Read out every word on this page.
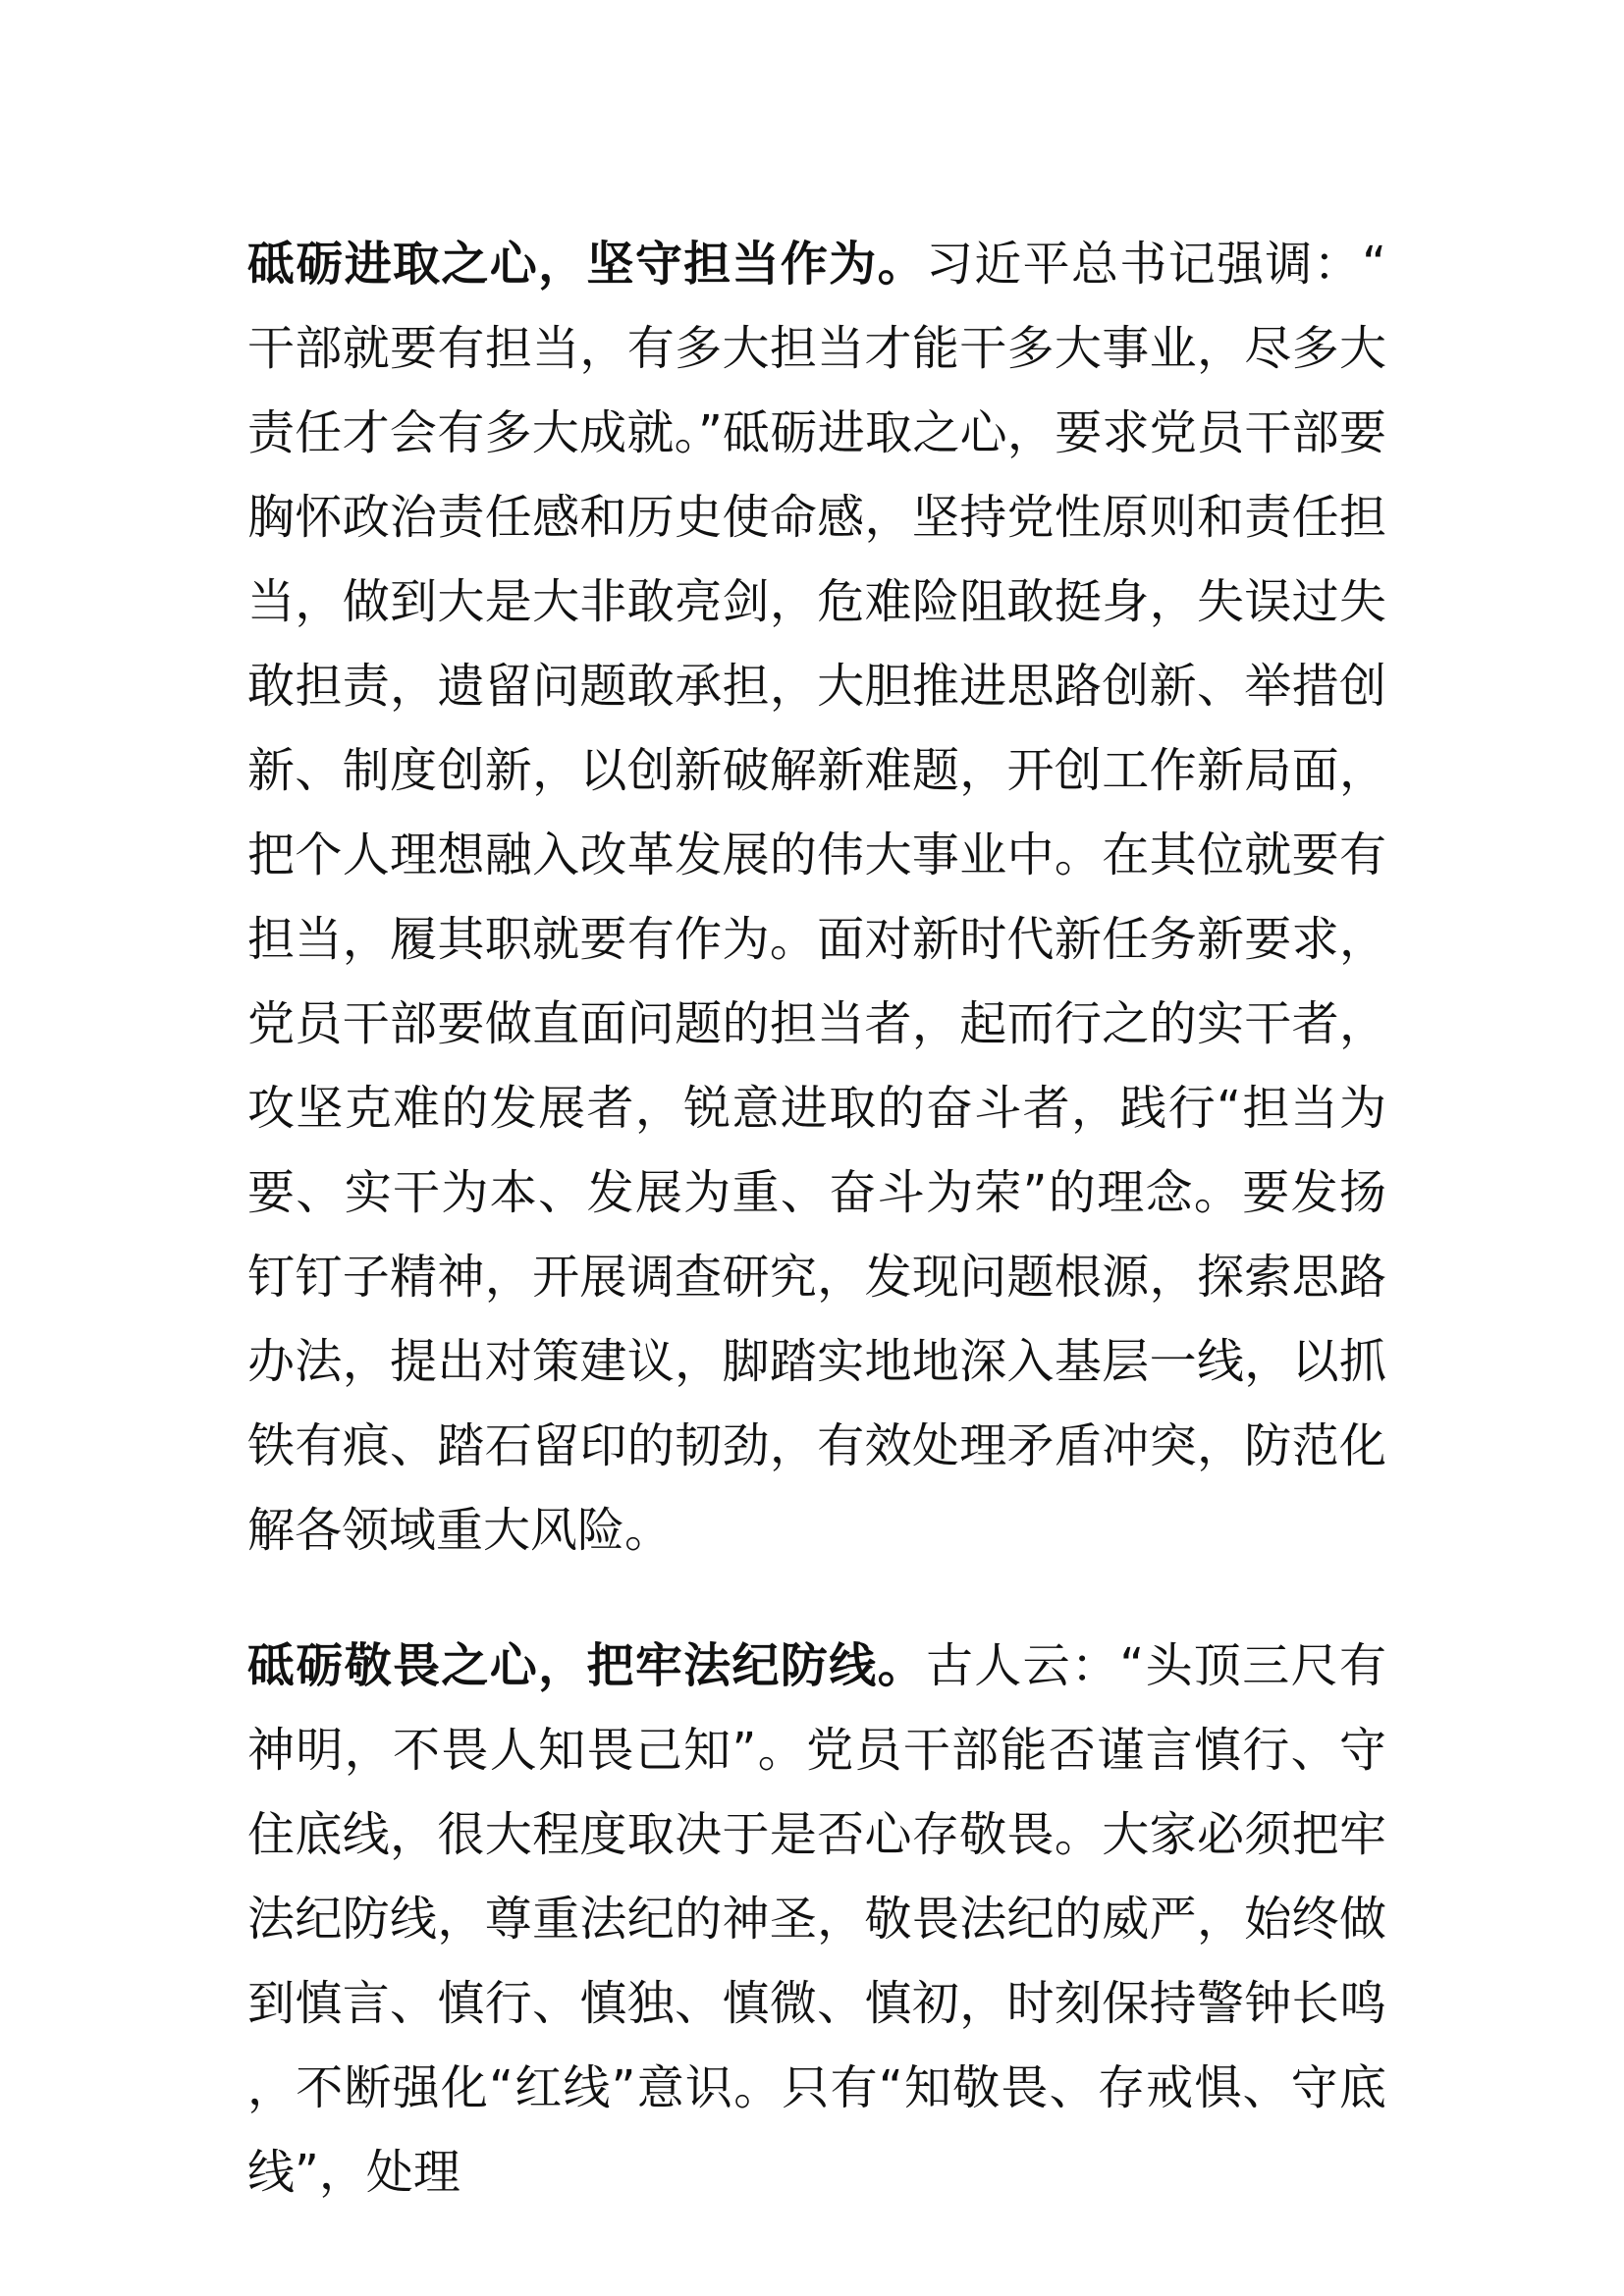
砥砺进取之心，坚守担当作为。习近平总书记强调：“干部就要有担当，有多大担当才能干多大事业，尽多大责任才会有多大成就。”砥砺进取之心，要求党员干部要胸怀政治责任感和历史使命感，坚持党性原则和责任担当，做到大是大非敢亮剑，危难险阻敢挺身，失误过失敢担责，遗留问题敢承担，大胆推进思路创新、举措创新、制度创新，以创新破解新难题，开创工作新局面，把个人理想融入改革发展的伟大事业中。在其位就要有担当，履其职就要有作为。面对新时代新任务新要求，党员干部要做直面问题的担当者，起而行之的实干者，攻坚克难的发展者，锐意进取的奋斗者，践行“担当为要、实干为本、发展为重、奋斗为荣”的理念。要发扬钉钉子精神，开展调查研究，发现问题根源，探索思路办法，提出对策建议，脚踏实地地深入基层一线，以抓铁有痕、踏石留印的韧劲，有效处理矛盾冲突，防范化解各领域重大风险。

砥砺敬畏之心，把牢法纪防线。古人云：“头顶三尺有神明，不畏人知畏己知”。党员干部能否谨言慎行、守住底线，很大程度取决于是否心存敬畏。大家必须把牢法纪防线，尊重法纪的神圣，敬畏法纪的威严，始终做到慎言、慎行、慎独、慎微、慎初，时刻保持警钟长鸣，不断强化“红线”意识。只有“知敬畏、存戒惧、守底线”，处理
